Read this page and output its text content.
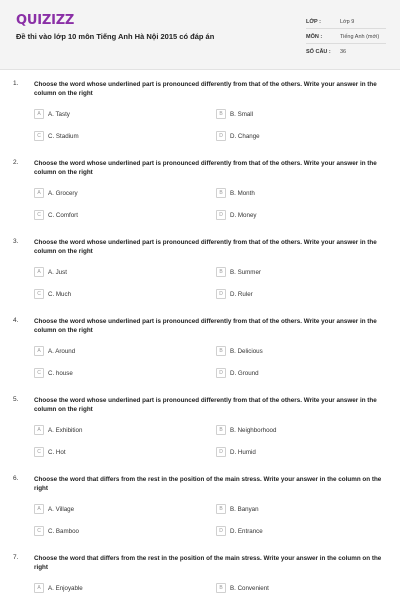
QUIZIZZ
Đề thi vào lớp 10 môn Tiếng Anh Hà Nội 2015 có đáp án
LỚP :	Lớp 9
MÔN :	Tiếng Anh (mới)
SỐ CÂU :	36
1. Choose the word whose underlined part is pronounced differently from that of the others. Write your answer in the column on the right
A	A. Tasty	B	B. Small
C	C. Stadium	D	D. Change
2. Choose the word whose underlined part is pronounced differently from that of the others. Write your answer in the column on the right
A	A. Grocery	B	B. Month
C	C. Comfort	D	D. Money
3. Choose the word whose underlined part is pronounced differently from that of the others. Write your answer in the column on the right
A	A. Just	B	B. Summer
C	C. Much	D	D. Ruler
4. Choose the word whose underlined part is pronounced differently from that of the others. Write your answer in the column on the right
A	A. Around	B	B. Delicious
C	C. house	D	D. Ground
5. Choose the word whose underlined part is pronounced differently from that of the others. Write your answer in the column on the right
A	A. Exhibition	B	B. Neighborhood
C	C. Hot	D	D. Humid
6. Choose the word that differs from the rest in the position of the main stress. Write your answer in the column on the right
A	A. Village	B	B. Banyan
C	C. Bamboo	D	D. Entrance
7. Choose the word that differs from the rest in the position of the main stress. Write your answer in the column on the right
A	A. Enjoyable	B	B. Convenient
